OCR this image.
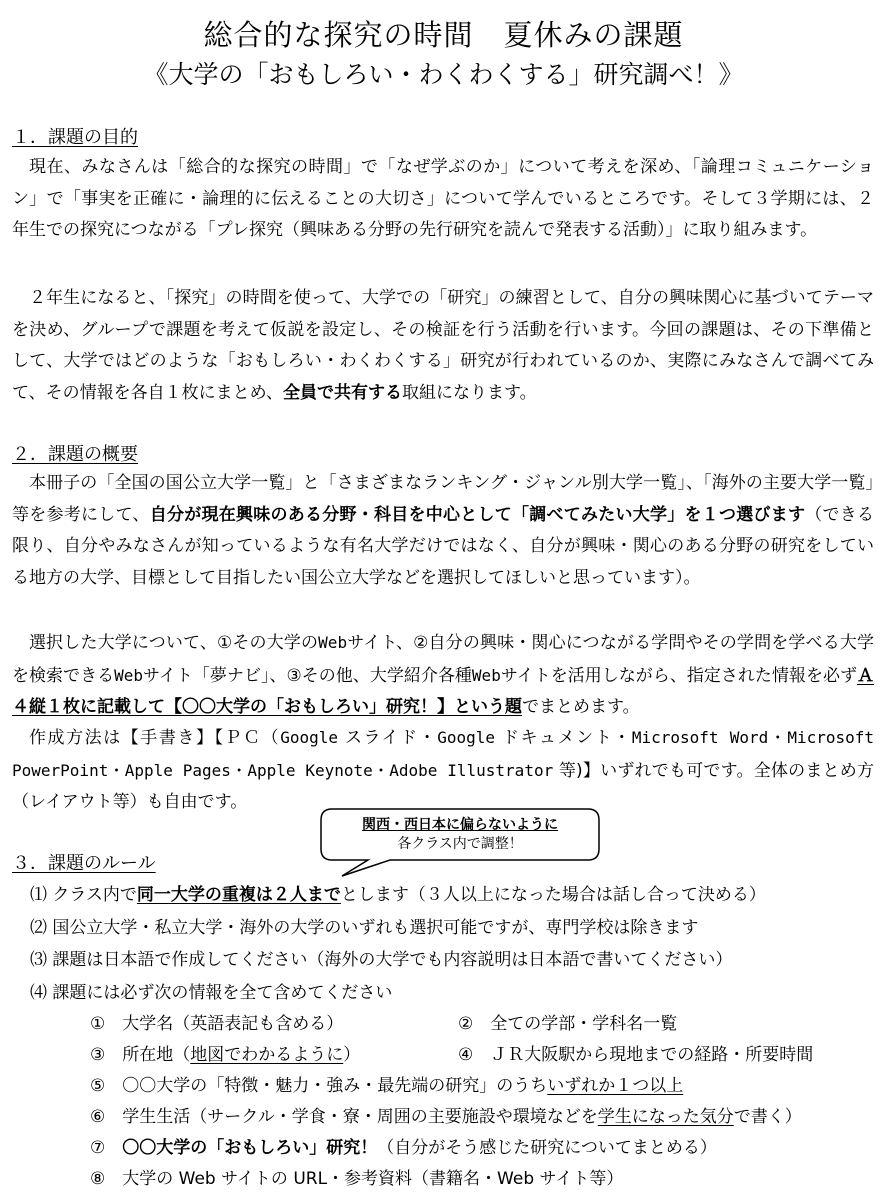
総合的な探究の時間　夏休みの課題
《大学の「おもしろい・わくわくする」研究調べ！》
１．課題の目的
現在、みなさんは「総合的な探究の時間」で「なぜ学ぶのか」について考えを深め、「論理コミュニケーション」で「事実を正確に・論理的に伝えることの大切さ」について学んでいるところです。そして３学期には、２年生での探究につながる「プレ探究（興味ある分野の先行研究を読んで発表する活動）」に取り組みます。
２年生になると、「探究」の時間を使って、大学での「研究」の練習として、自分の興味関心に基づいてテーマを決め、グループで課題を考えて仮説を設定し、その検証を行う活動を行います。今回の課題は、その下準備として、大学ではどのような「おもしろい・わくわくする」研究が行われているのか、実際にみなさんで調べてみて、その情報を各自１枚にまとめ、全員で共有する取組になります。
２．課題の概要
本冊子の「全国の国公立大学一覧」と「さまざまなランキング・ジャンル別大学一覧」、「海外の主要大学一覧」等を参考にして、自分が現在興味のある分野・科目を中心として「調べてみたい大学」を１つ選びます（できる限り、自分やみなさんが知っているような有名大学だけではなく、自分が興味・関心のある分野の研究をしている地方の大学、目標として目指したい国公立大学などを選択してほしいと思っています）。
選択した大学について、①その大学のWebサイト、②自分の興味・関心につながる学問やその学問を学べる大学を検索できるWebサイト「夢ナビ」、③その他、大学紹介各種Webサイトを活用しながら、指定された情報を必ずＡ４縦１枚に記載して【〇〇大学の「おもしろい」研究！】という題でまとめます。
作成方法は【手書き】【ＰＣ（Google スライド・Google ドキュメント・Microsoft Word・Microsoft PowerPoint・Apple Pages・Apple Keynote・Adobe Illustrator 等)】いずれでも可です。全体のまとめ方（レイアウト等）も自由です。
関西・西日本に偏らないように
各クラス内で調整！
３．課題のルール
⑴ クラス内で同一大学の重複は２人までとします（３人以上になった場合は話し合って決める）
⑵ 国公立大学・私立大学・海外の大学のいずれも選択可能ですが、専門学校は除きます
⑶ 課題は日本語で作成してください（海外の大学でも内容説明は日本語で書いてください）
⑷ 課題には必ず次の情報を全て含めてください
①　大学名（英語表記も含める）	②　全ての学部・学科名一覧
③　所在地（地図でわかるように）	④　ＪＲ大阪駅から現地までの経路・所要時間
⑤　〇〇大学の「特徴・魅力・強み・最先端の研究」のうちいずれか１つ以上
⑥　学生生活（サークル・学食・寮・周囲の主要施設や環境などを学生になった気分で書く）
⑦　〇〇大学の「おもしろい」研究！（自分がそう感じた研究についてまとめる）
⑧　大学の Web サイトの URL・参考資料（書籍名・Web サイト等）
